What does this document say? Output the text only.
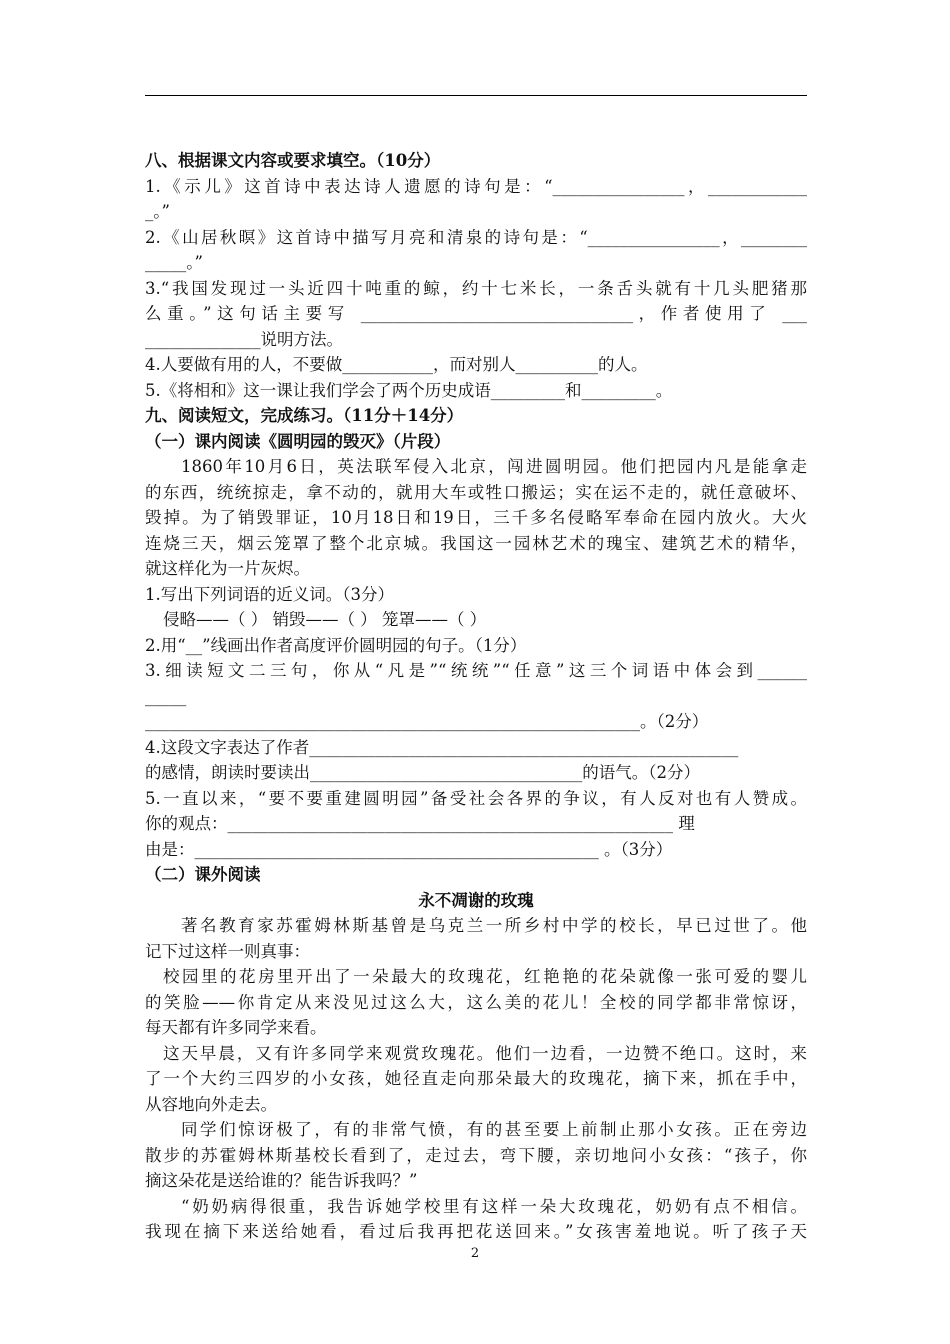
八、根据课文内容或要求填空。（10分）
1.《示儿》这首诗中表达诗人遗愿的诗句是：“________________，____________
_。”
2.《山居秋暝》这首诗中描写月亮和清泉的诗句是：“________________，________
_____。”
3.“我国发现过一头近四十吨重的鲸，约十七米长，一条舌头就有十几头肥猪那
么重。”这句话主要写 _________________________________，作者使用了 ___
______________说明方法。
4.人要做有用的人，不要做___________，而对别人__________的人。
5.《将相和》这一课让我们学会了两个历史成语_________和_________。
九、阅读短文，完成练习。（11分＋14分）
（一）课内阅读《圆明园的毁灭》（片段）
1860年10月6日，英法联军侵入北京，闯进圆明园。他们把园内凡是能拿走
的东西，统统掠走，拿不动的，就用大车或牲口搬运；实在运不走的，就任意破坏、
毁掉。为了销毁罪证，10月18日和19日，三千多名侵略军奉命在园内放火。大火
连烧三天，烟云笼罩了整个北京城。我国这一园林艺术的瑰宝、建筑艺术的精华，
就这样化为一片灰烬。
1.写出下列词语的近义词。（3分）
侵略——（ ） 销毁——（ ） 笼罩——（ ）
2.用“__”线画出作者高度评价圆明园的句子。（1分）
3.细读短文二三句，你从“凡是”“统统”“任意”这三个词语中体会到______
_____
____________________________________________________________。（2分）
4.这段文字表达了作者____________________________________________________
的感情，朗读时要读出_________________________________的语气。（2分）
5.一直以来，“要不要重建圆明园”备受社会各界的争议，有人反对也有人赞成。
你的观点：______________________________________________________ 理
由是：_________________________________________________ 。（3分）
（二）课外阅读
永不凋谢的玫瑰
著名教育家苏霍姆林斯基曾是乌克兰一所乡村中学的校长，早已过世了。他
记下过这样一则真事：
校园里的花房里开出了一朵最大的玫瑰花，红艳艳的花朵就像一张可爱的婴儿
的笑脸——你肯定从来没见过这么大，这么美的花儿！全校的同学都非常惊讶，
每天都有许多同学来看。
这天早晨，又有许多同学来观赏玫瑰花。他们一边看，一边赞不绝口。这时，来
了一个大约三四岁的小女孩，她径直走向那朵最大的玫瑰花，摘下来，抓在手中，
从容地向外走去。
同学们惊讶极了，有的非常气愤，有的甚至要上前制止那小女孩。正在旁边
散步的苏霍姆林斯基校长看到了，走过去，弯下腰，亲切地问小女孩：“孩子，你
摘这朵花是送给谁的？能告诉我吗？”
“奶奶病得很重，我告诉她学校里有这样一朵大玫瑰花，奶奶有点不相信。
我现在摘下来送给她看，看过后我再把花送回来。”女孩害羞地说。听了孩子天
2
